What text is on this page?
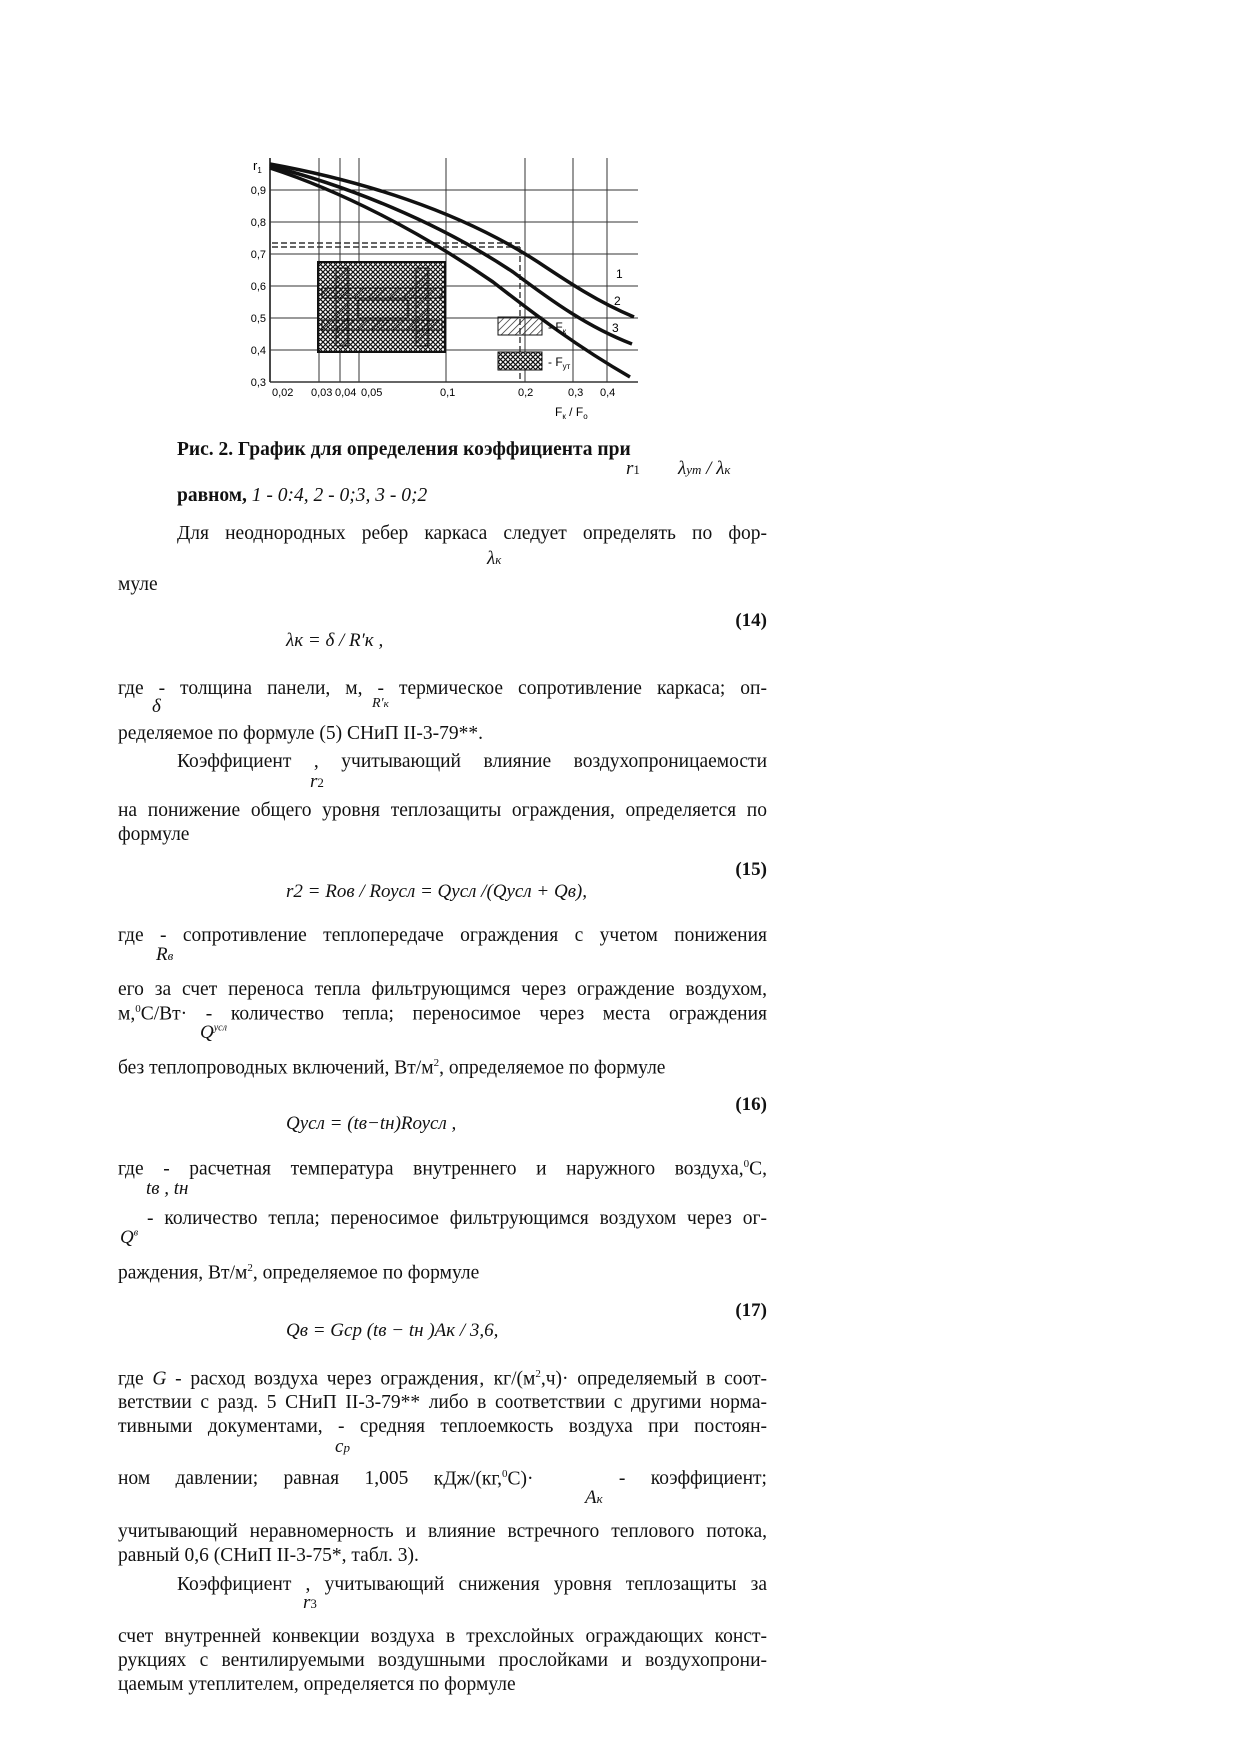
- $F_к$
- $F_{ут}$
1
2
3
$r_1$
0,9
0,8
0,7
0,6
0,5
0,4
0,3
0,02 0,03 0,04 0,05	0,1	0,2	0,3 0,4
$F_к / F_о$
Рис. 2. График для определения коэффициента при
r1 λут / λк
равном, 1 - 0:4, 2 - 0;3, 3 - 0;2
Для неоднородных ребер каркаса следует определять по фор-
λк
муле
(14)
λк = δ / R′к ,
где - толщина панели, м, - термическое сопротивление каркаса; оп-
δ	R′к
ределяемое по формуле (5) СНиП II-3-79**.
Коэффициент , учитывающий влияние воздухопроницаемости
r2
на понижение общего уровня теплозащиты ограждения, определяется по
формуле
(15)
r2 = Rов / Rоусл = Qусл /(Qусл + Qв),
где - сопротивление теплопередаче ограждения с учетом понижения
Rв
его за счет переноса тепла фильтрующимся через ограждение воздухом,
м,$^0$С/Вт· - количество тепла; переносимое через места ограждения
$Q^{усл}$
без теплопроводных включений, $Вт/м^2$, определяемое по формуле
(16)
Qусл = (tв−tн)Rоусл ,
где - расчетная температура внутреннего и наружного воздуха,$^0$С,
tв , tн
- количество тепла; переносимое фильтрующимся воздухом через ог-
$Q^в$
раждения, $Вт/м^2$, определяемое по формуле
(17)
Qв = Gcр (tв − tн )Aк / 3,6,
где G - расход воздуха через ограждения‚ $кг/(м^2,ч)\cdot$ определяемый в соот-
ветствии с разд. 5 СНиП II-3-79** либо в соответствии с другими норма-
тивными документами, - средняя теплоемкость воздуха при постоян-
cp
ном давлении; равная 1,005 кДж/(кг,$^0$С)·	- коэффициент;
Aк
учитывающий неравномерность и влияние встречного теплового потока,
равный 0,6 (СНиП II-3-75*, табл. 3).
Коэффициент , учитывающий снижения уровня теплозащиты за
r3
счет внутренней конвекции воздуха в трехслойных ограждающих конст-
рукциях с вентилируемыми воздушными прослойками и воздухопрони-
цаемым утеплителем, определяется по формуле
